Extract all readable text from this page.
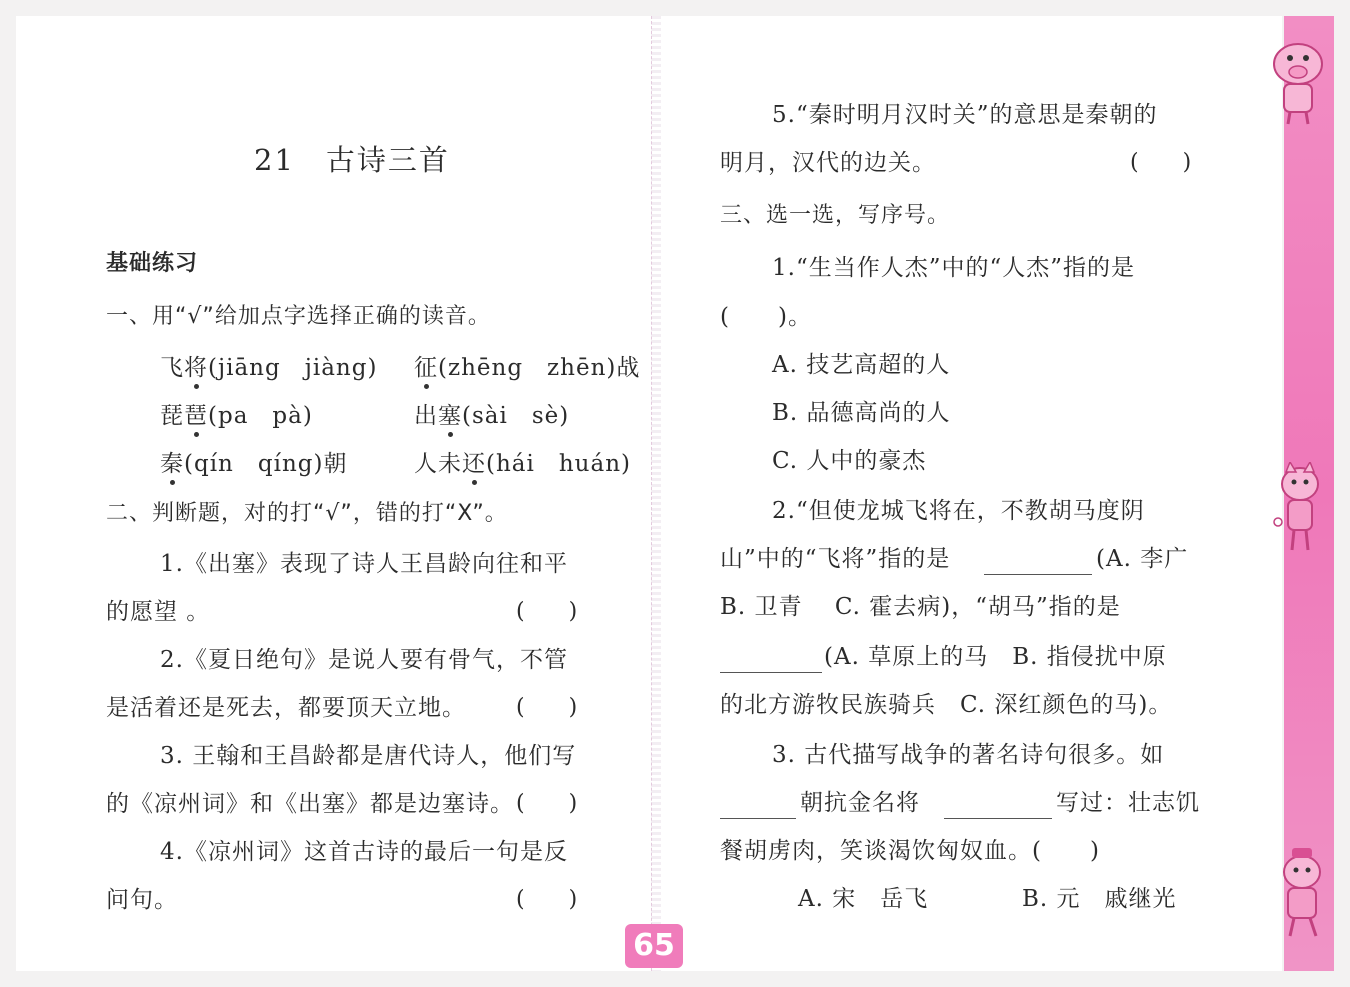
21　古诗三首
基础练习
一、用“√”给加点字选择正确的读音。
飞将(jiāng　jiàng) 征(zhēng　zhēn)战
琵琶(pa　pà)	出塞(sài　sè)
秦(qín　qíng)朝	人未还(hái　huán)
二、判断题，对的打“√”，错的打“X”。
1.《出塞》表现了诗人王昌龄向往和平
的愿望 。	(　　)
2.《夏日绝句》是说人要有骨气，不管
是活着还是死去，都要顶天立地。 (　　)
3. 王翰和王昌龄都是唐代诗人，他们写
的《凉州词》和《出塞》都是边塞诗。 (　　)
4.《凉州词》这首古诗的最后一句是反
问句。	(　　)
65
5.“秦时明月汉时关”的意思是秦朝的
明月，汉代的边关。	(　　)
三、选一选，写序号。
1.“生当作人杰”中的“人杰”指的是
(　　)。
A. 技艺高超的人
B. 品德高尚的人
C. 人中的豪杰
2.“但使龙城飞将在，不教胡马度阴
山”中的“飞将”指的是	(A. 李广
B. 卫青　 C. 霍去病)，“胡马”指的是
(A. 草原上的马　B. 指侵扰中原
的北方游牧民族骑兵　C. 深红颜色的马)。
3. 古代描写战争的著名诗句很多。如
朝抗金名将	写过：壮志饥
餐胡虏肉，笑谈渴饮匈奴血。(　　)
A. 宋　岳飞	B. 元　戚继光
